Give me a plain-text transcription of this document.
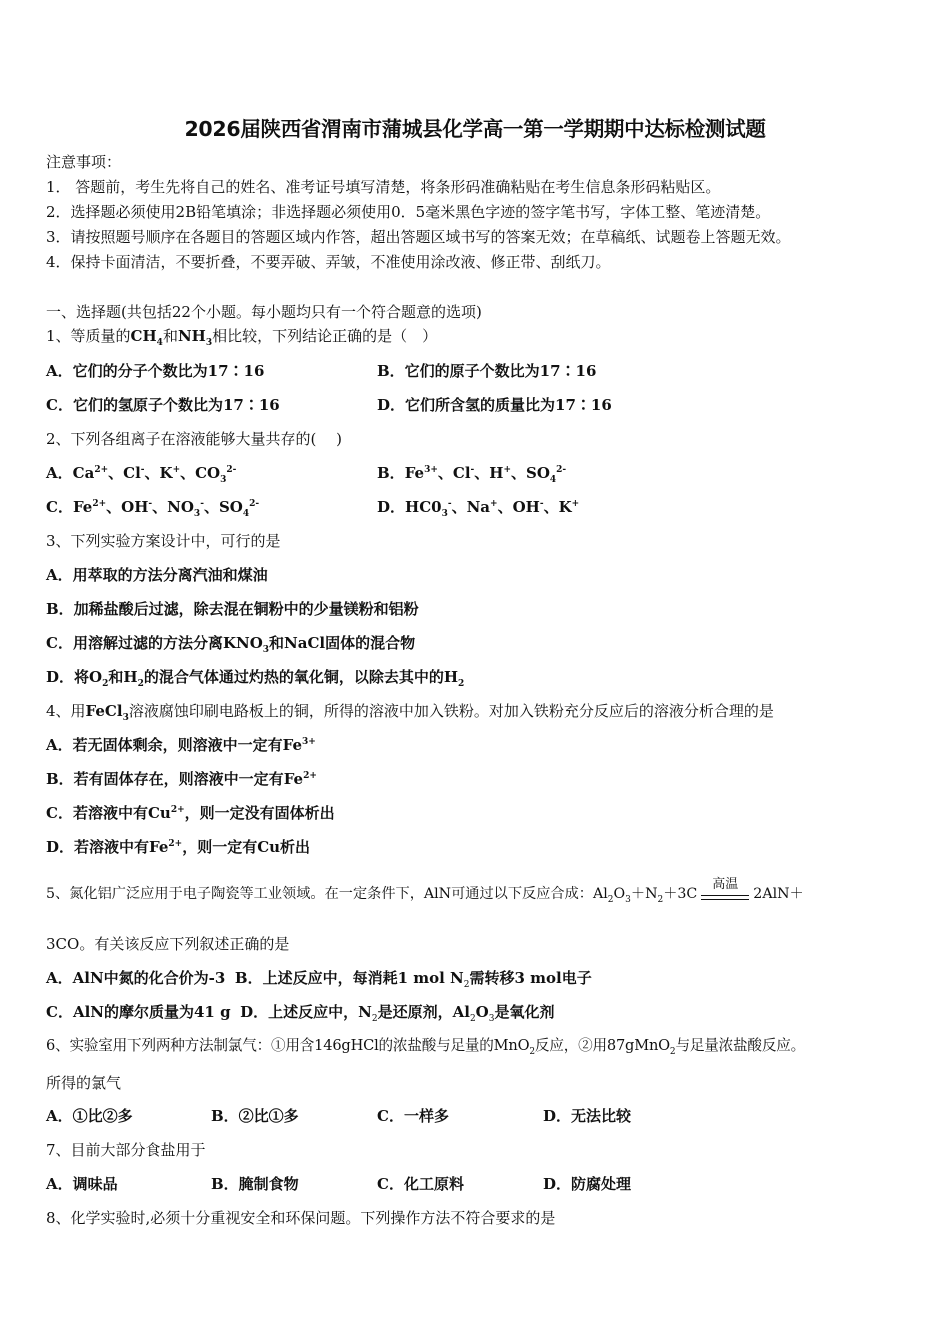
2026届陕西省渭南市蒲城县化学高一第一学期期中达标检测试题
注意事项：
1． 答题前，考生先将自己的姓名、准考证号填写清楚，将条形码准确粘贴在考生信息条形码粘贴区。
2．选择题必须使用2B铅笔填涂；非选择题必须使用0．5毫米黑色字迹的签字笔书写，字体工整、笔迹清楚。
3．请按照题号顺序在各题目的答题区域内作答，超出答题区域书写的答案无效；在草稿纸、试题卷上答题无效。
4．保持卡面清洁，不要折叠，不要弄破、弄皱，不准使用涂改液、修正带、刮纸刀。
一、选择题(共包括22个小题。每小题均只有一个符合题意的选项)
1、等质量的$CH_4$和$NH_3$相比较，下列结论正确的是（　）
A．它们的分子个数比为17∶16	B．它们的原子个数比为17∶16
C．它们的氢原子个数比为17∶16	D．它们所含氢的质量比为17∶16
2、下列各组离子在溶液能够大量共存的(　 )
A．$Ca^{2+}$、Cl-、K+、$CO_3^{2-}$	B．$Fe^{3+}$、Cl-、H+、$SO_4^{2-}$
C．$Fe^{2+}$、OH-、$NO_3^-$、$SO_4^{2-}$	D．$HC0_3^-$、Na+、OH-、K+
3、下列实验方案设计中，可行的是
A．用萃取的方法分离汽油和煤油
B．加稀盐酸后过滤，除去混在铜粉中的少量镁粉和铝粉
C．用溶解过滤的方法分离$KNO_3$和NaCl固体的混合物
D．将$O_2$和$H_2$的混合气体通过灼热的氧化铜，以除去其中的$H_2$
4、用FeCl$_3$溶液腐蚀印刷电路板上的铜，所得的溶液中加入铁粉。对加入铁粉充分反应后的溶液分析合理的是
A．若无固体剩余，则溶液中一定有$Fe^{3+}$
B．若有固体存在，则溶液中一定有$Fe^{2+}$
C．若溶液中有$Cu^{2+}$，则一定没有固体析出
D．若溶液中有$Fe^{2+}$，则一定有Cu析出
5、氮化铝广泛应用于电子陶瓷等工业领域。在一定条件下，AlN可通过以下反应合成：$Al_2O_3+N_2+3C$
高温
2AlN＋
3CO。有关该反应下列叙述正确的是
A．AlN中氮的化合价为-3 B．上述反应中，每消耗1 mol $N_2$需转移3 mol电子
C．AlN的摩尔质量为41 g D．上述反应中，$N_2$是还原剂，$Al_2O_3$是氧化剂
6、实验室用下列两种方法制氯气：①用含146gHCl的浓盐酸与足量的MnO$_2$反应，②用87gMnO$_2$与足量浓盐酸反应。
所得的氯气
A．①比②多	B．②比①多	C．一样多	D．无法比较
7、目前大部分食盐用于
A．调味品	B．腌制食物	C．化工原料	D．防腐处理
8、化学实验时,必须十分重视安全和环保问题。下列操作方法不符合要求的是
